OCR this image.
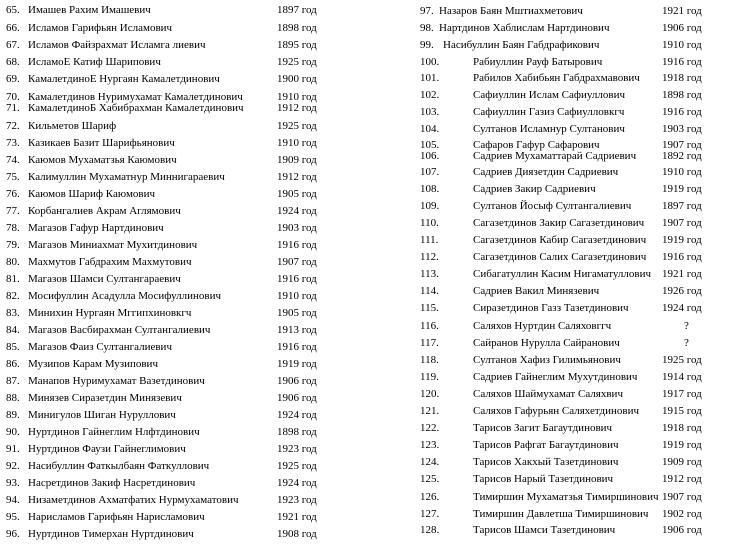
65. Имашев Рахим Имашевич	1897 год
66. Исламов Гарифьян Исламович	1898 год
67. Исламов Файзрахмат Исламга лиевич	1895 год
68. ИсламоЕ Катиф Шарипович	1925 год
69. КамалетдиноЕ Нургаян Камалетдинович	1900 год
70. Камалетдинов Нуримухамат Камалетдинович	1910 год
71. КамалетдиноБ Хабибрахман Камалетдинович	1912 год
72. Кильметов Шариф	1925 год
73. Казикаев Базит Шарифьянович	1910 год
74. Каюмов Мухаматзья Каюмович	1909 год
75. Калимуллин Мухаматнур Миннигараевич	1912 год
76. Каюмов Шариф Каюмович	1905 год
77. Корбангалиев Акрам Аглямович	1924 год
78. Магазов Гафур Нартдинович	1903 год
79. Магазов Миниахмат Мухитдинович	1916 год
80. Махмутов Габдрахим Махмутович	1907 год
81. Магазов Шамси Султангараевич	1916 год
82. Мосифуллин Асадулла Мосифуллинович	1910 год
83. Минихин Нургаян Мггипхиновкгч	1905 год
84. Магазов Васбирахман Султангалиевич	1913 год
85. Магазов Фаиз Султангалиевич	1916 год
86. Музипов Карам Музипович	1919 год
87. Манапов Нуримухамат Вазетдинович	1906 год
88. Минязев Сиразетдин Минязевич	1906 год
89. Минигулов Шиган Нуруллович	1924 год
90. Нуртдинов Гайнеглим Нлфтдинович	1898 год
91. Нуртдинов Фаузи Гайнеглимович	1923 год
92. Насибуллин Фаткылбаян Фаткуллович	1925 год
93. Насретдинов Закиф Насретдинович	1924 год
94. Низаметдинов Ахматфатих Нурмухаматович	1923 год
95. Нарисламов Гарифьян Нарисламович	1921 год
96. Нуртдинов Тимерхан Нуртдинович	1908 год
97. Назаров Баян Мштиахметович	1921 год
98. Нартдинов Хаблислам Нартдинович	1906 год
99. Насибуллин Баян Габдрафикович	1910 год
100.	Рабиуллин Рауф Батырович	1916 год
101.	Рабилов Хабибьян Габдрахмавович 1918 год
102.	Сафиуллин Ислам Сафиуллович	1898 год
103.	Сафиуллин Газиз Сафиулловкгч	1916 год
104.	Султанов Исламнур Султанович	1903 год
105.	Сафаров Гафур Сафарович	1907 год
106.	Садриев Мухаматтарай Садриевич 1892 год
107.	Садриев Диязетдин Садриевич	1910 год
108.	Садриев Закир Садриевич	1919 год
109.	Султанов Йосыф Султангалиевич	1897 год
110.	Сагазетдинов Закир Сагазетдинович 1907 год
111.	Сагазетдинов Кабир Сагазетдинович 1919 год
112.	Сагазетдинов Салих Сагазетдинович 1916 год
113.	Сибагатуллин Касим Нигаматуллович 1921 год
114.	Садриев Вакил Минязевич	1926 год
115.	Сиразетдинов Газз Тазетдинович	1924 год
116.	Саляхов Нуртдин Саляховггч	?
117.	Сайранов Нурулла Сайранович	?
118.	Султанов Хафиз Гилимьянович	1925 год
119.	Садриев Гайнеглим Мухутдинович 1914 год
120.	Саляхов Шаймухамат Саляхвич	1917 год
121.	Саляхов Гафурьян Саляхетдинович 1915 год
122.	Тарисов Загит Багаутдинович	1918 год
123.	Тарисов Рафгат Багаутдинович	1919 год
124.	Тарисов Хакхый Тазетдинович	1909 год
125.	Тарисов Нарый Тазетдинович	1912 год
126.	Тимиршин Мухаматзья Тимиршинович 1907 год
127.	Тимиршин Давлетша Тимиршинович 1902 год
128.	Тарисов Шамси Тазетдинович	1906 год
